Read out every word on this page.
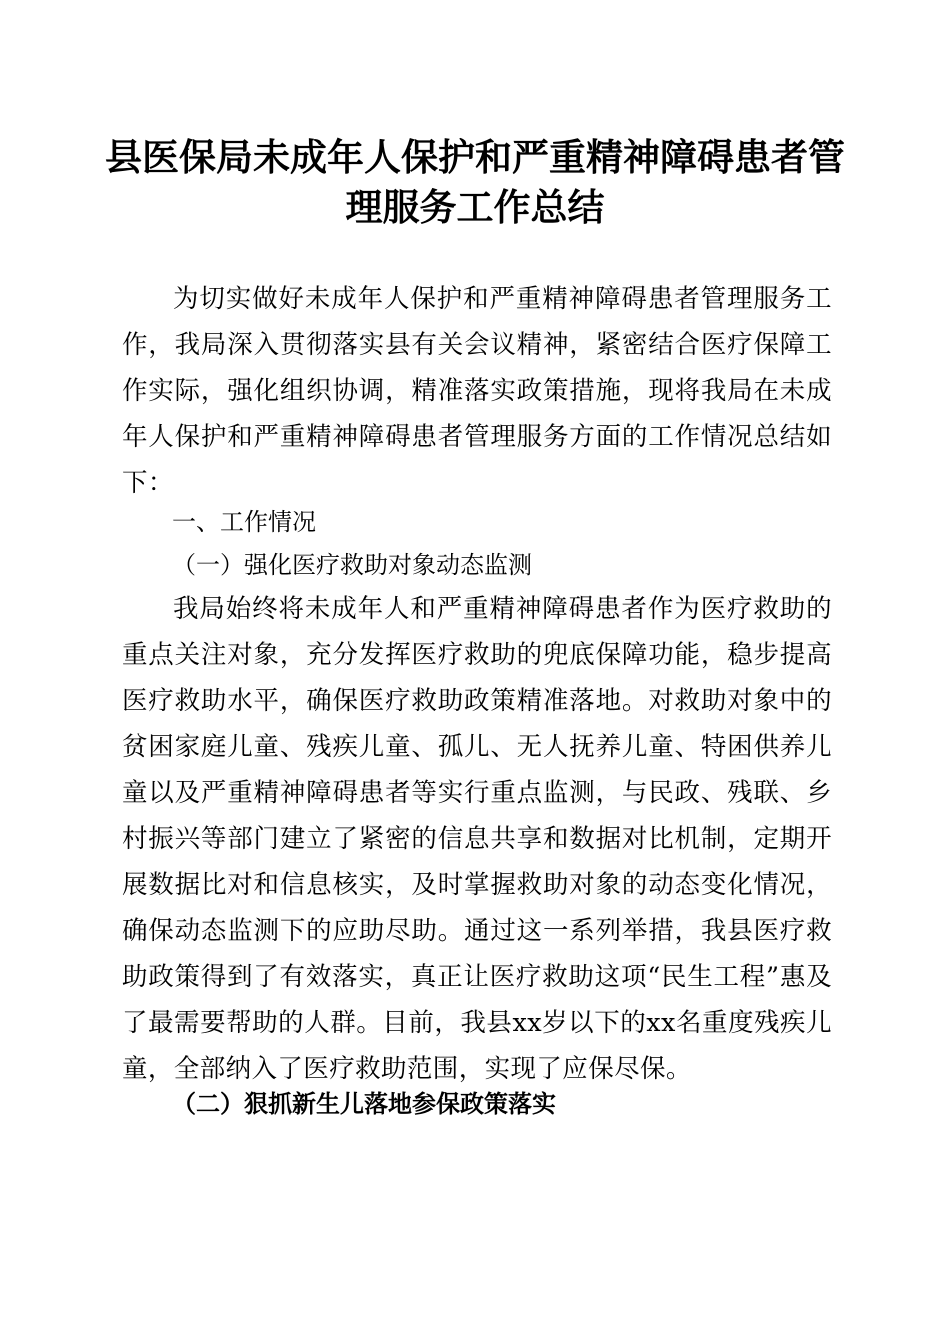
县医保局未成年人保护和严重精神障碍患者管
理服务工作总结
为切实做好未成年人保护和严重精神障碍患者管理服务工作，我局深入贯彻落实县有关会议精神，紧密结合医疗保障工作实际，强化组织协调，精准落实政策措施，现将我局在未成年人保护和严重精神障碍患者管理服务方面的工作情况总结如下：
一、工作情况
（一）强化医疗救助对象动态监测
我局始终将未成年人和严重精神障碍患者作为医疗救助的重点关注对象，充分发挥医疗救助的兜底保障功能，稳步提高医疗救助水平，确保医疗救助政策精准落地。对救助对象中的贫困家庭儿童、残疾儿童、孤儿、无人抚养儿童、特困供养儿童以及严重精神障碍患者等实行重点监测，与民政、残联、乡村振兴等部门建立了紧密的信息共享和数据对比机制，定期开展数据比对和信息核实，及时掌握救助对象的动态变化情况，确保动态监测下的应助尽助。通过这一系列举措，我县医疗救助政策得到了有效落实，真正让医疗救助这项“民生工程”惠及了最需要帮助的人群。目前，我县xx岁以下的xx名重度残疾儿童，全部纳入了医疗救助范围，实现了应保尽保。
（二）狠抓新生儿落地参保政策落实
